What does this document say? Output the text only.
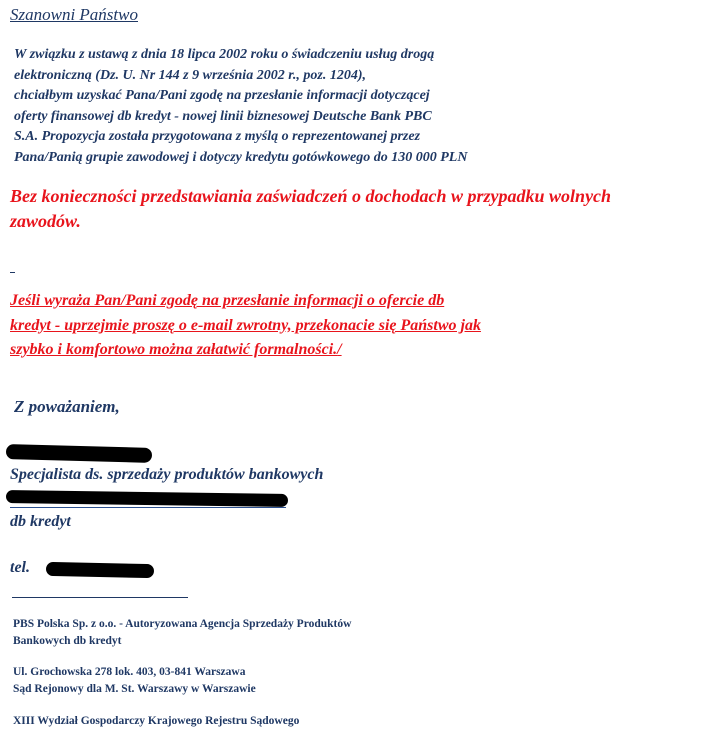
Szanowni Państwo
W związku z ustawą z dnia 18 lipca 2002 roku o świadczeniu usług drogą
elektroniczną (Dz. U. Nr 144 z 9 września 2002 r., poz. 1204),
chciałbym uzyskać Pana/Pani zgodę na przesłanie informacji dotyczącej
oferty finansowej db kredyt - nowej linii biznesowej Deutsche Bank PBC
S.A. Propozycja została przygotowana z myślą o reprezentowanej przez
Pana/Panią grupie zawodowej i dotyczy kredytu gotówkowego do 130 000 PLN
Bez konieczności przedstawiania zaświadczeń o dochodach w przypadku wolnych
zawodów.
Jeśli wyraża Pan/Pani zgodę na przesłanie informacji o ofercie db
kredyt - uprzejmie proszę o e-mail zwrotny, przekonacie się Państwo jak
szybko i komfortowo można załatwić formalności./
Z poważaniem,
Specjalista ds. sprzedaży produktów bankowych
db kredyt
tel.
PBS Polska Sp. z o.o. - Autoryzowana Agencja Sprzedaży Produktów
Bankowych db kredyt
Ul. Grochowska 278 lok. 403, 03-841 Warszawa
Sąd Rejonowy dla M. St. Warszawy w Warszawie
XIII Wydział Gospodarczy Krajowego Rejestru Sądowego
